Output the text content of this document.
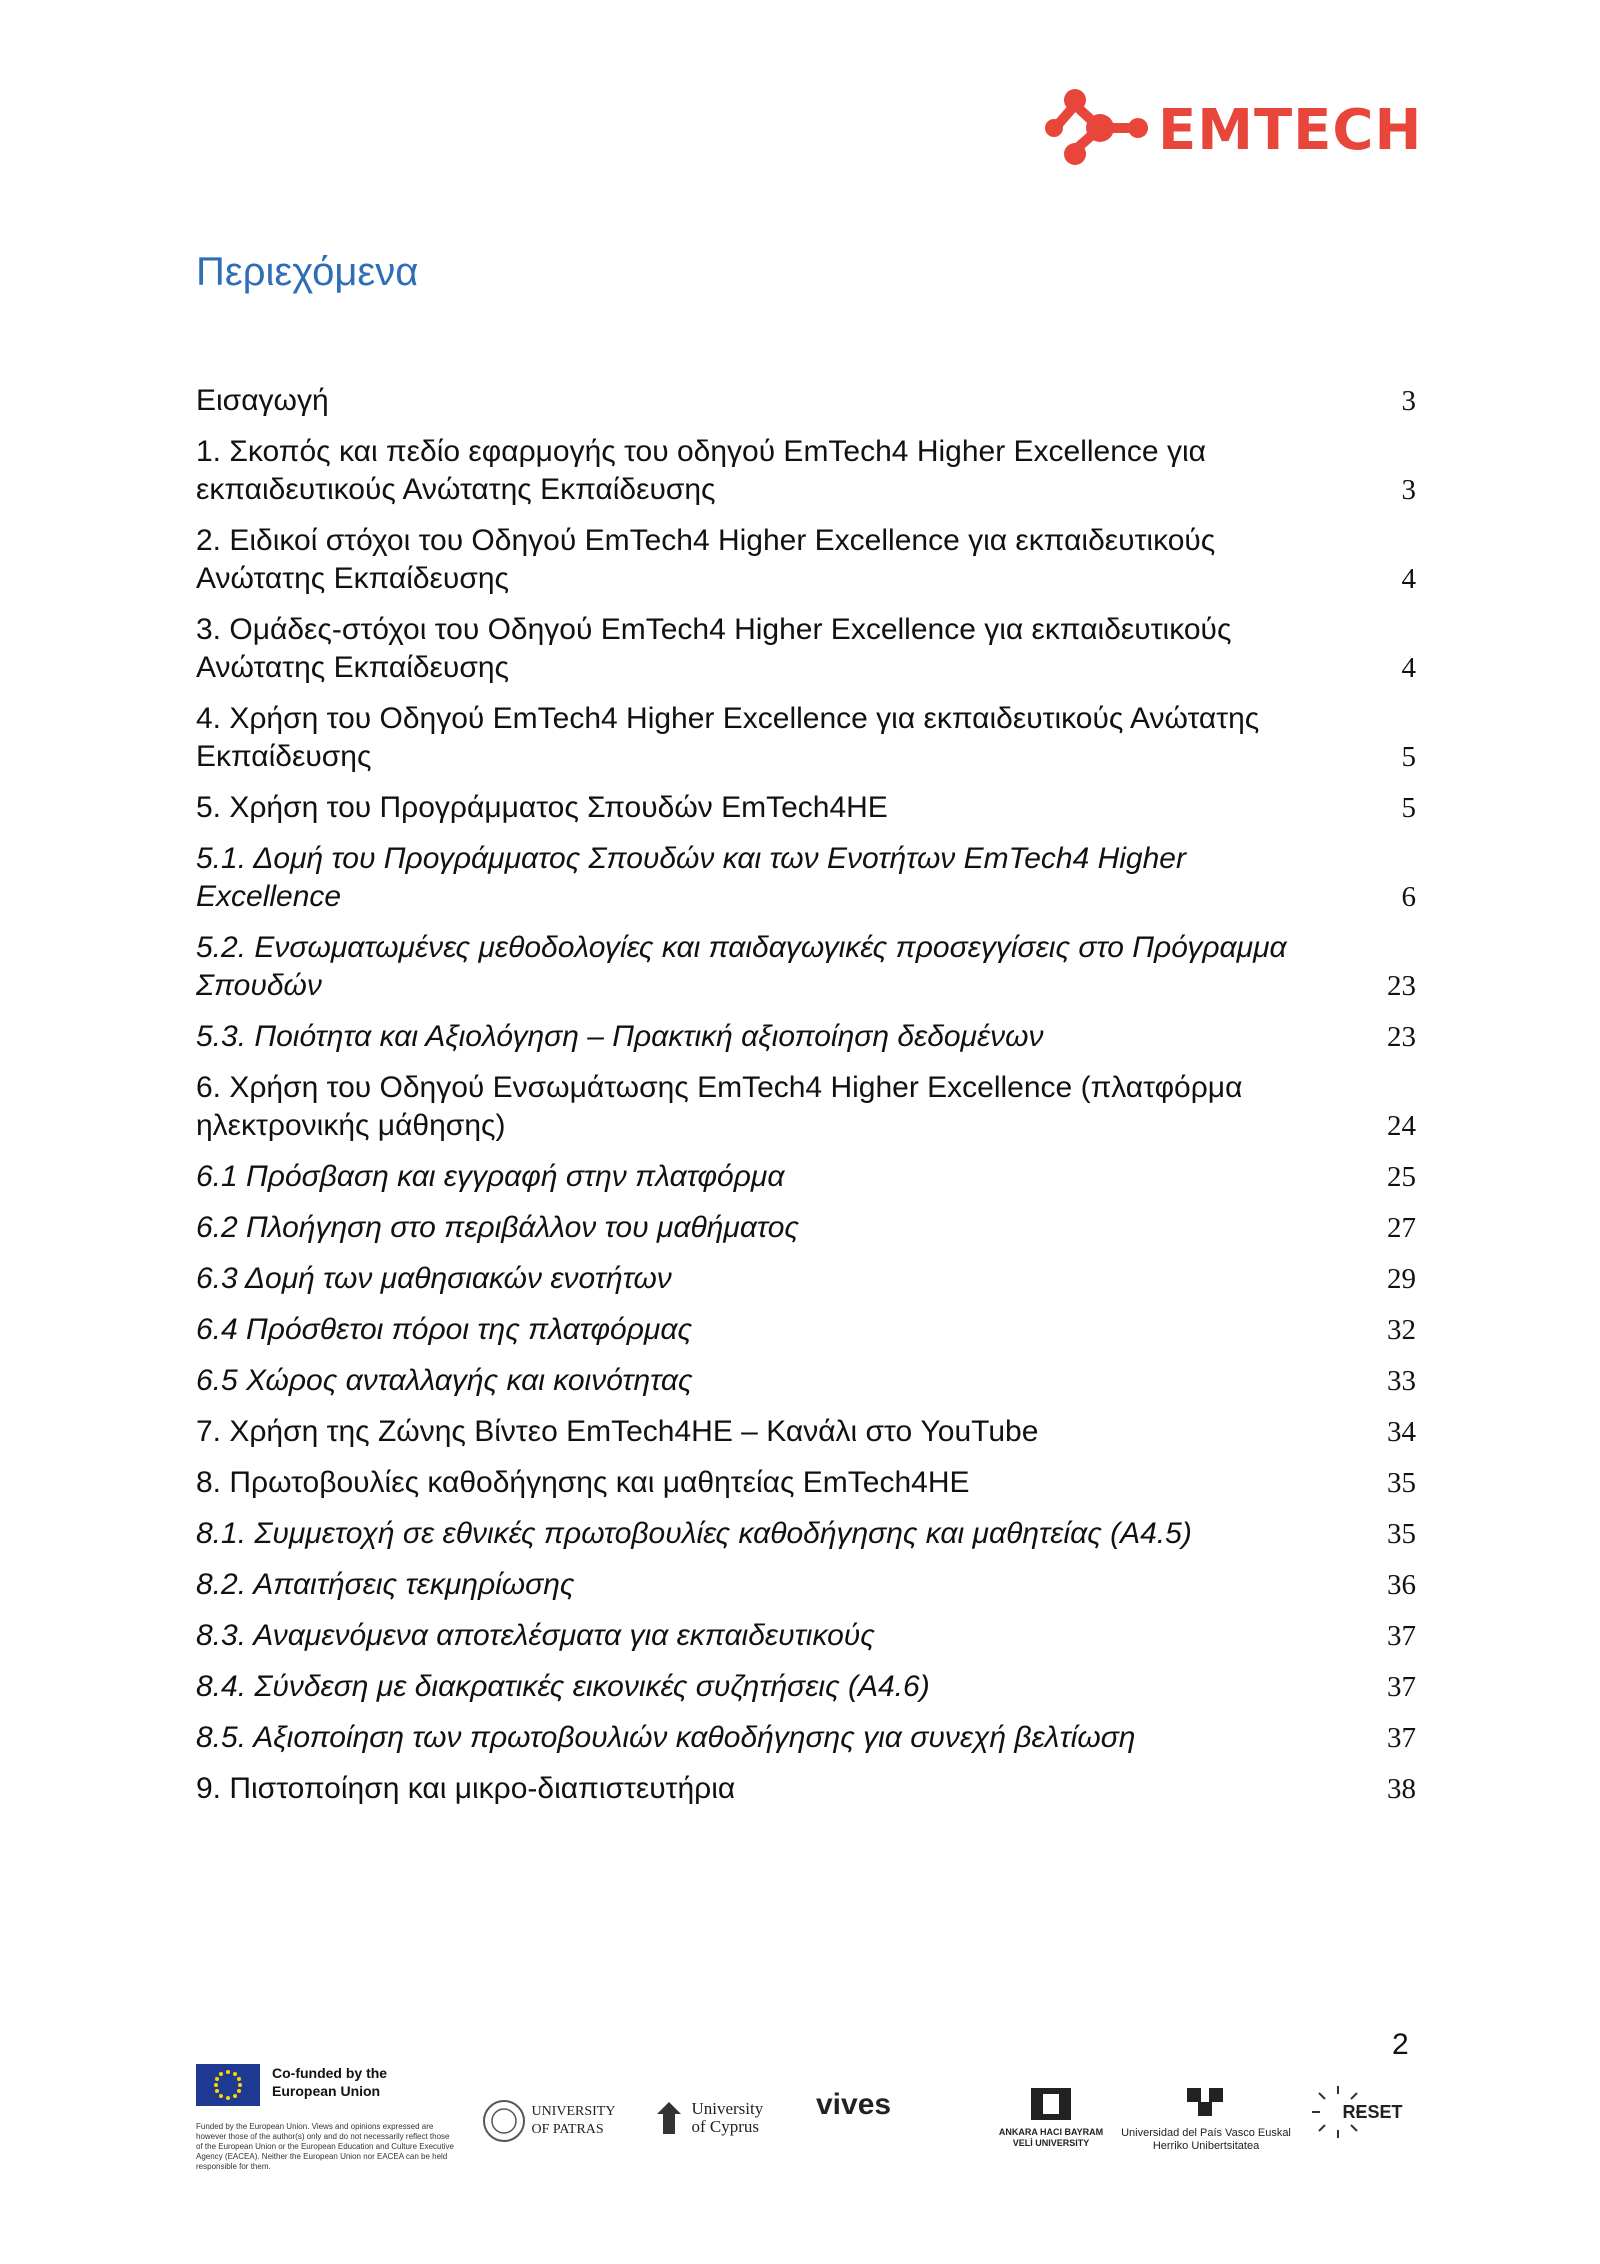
EMTECH
Περιεχόμενα
Εισαγωγή	3
1. Σκοπός και πεδίο εφαρμογής του οδηγού EmTech4 Higher Excellence για εκπαιδευτικούς Ανώτατης Εκπαίδευσης	3
2. Ειδικοί στόχοι του Οδηγού EmTech4 Higher Excellence για εκπαιδευτικούς Ανώτατης Εκπαίδευσης	4
3. Ομάδες-στόχοι του Οδηγού EmTech4 Higher Excellence για εκπαιδευτικούς Ανώτατης Εκπαίδευσης	4
4. Χρήση του Οδηγού EmTech4 Higher Excellence για εκπαιδευτικούς Ανώτατης Εκπαίδευσης	5
5. Χρήση του Προγράμματος Σπουδών EmTech4HE	5
5.1. Δομή του Προγράμματος Σπουδών και των Ενοτήτων EmTech4 Higher Excellence	6
5.2. Ενσωματωμένες μεθοδολογίες και παιδαγωγικές προσεγγίσεις στο Πρόγραμμα Σπουδών	23
5.3. Ποιότητα και Αξιολόγηση – Πρακτική αξιοποίηση δεδομένων	23
6. Χρήση του Οδηγού Ενσωμάτωσης EmTech4 Higher Excellence (πλατφόρμα ηλεκτρονικής μάθησης)	24
6.1 Πρόσβαση και εγγραφή στην πλατφόρμα	25
6.2 Πλοήγηση στο περιβάλλον του μαθήματος	27
6.3 Δομή των μαθησιακών ενοτήτων	29
6.4 Πρόσθετοι πόροι της πλατφόρμας	32
6.5 Χώρος ανταλλαγής και κοινότητας	33
7. Χρήση της Ζώνης Βίντεο EmTech4HE – Κανάλι στο YouTube	34
8. Πρωτοβουλίες καθοδήγησης και μαθητείας EmTech4HE	35
8.1. Συμμετοχή σε εθνικές πρωτοβουλίες καθοδήγησης και μαθητείας (A4.5)	35
8.2. Απαιτήσεις τεκμηρίωσης	36
8.3. Αναμενόμενα αποτελέσματα για εκπαιδευτικούς	37
8.4. Σύνδεση με διακρατικές εικονικές συζητήσεις (A4.6)	37
8.5. Αξιοποίηση των πρωτοβουλιών καθοδήγησης για συνεχή βελτίωση	37
9. Πιστοποίηση και μικρο-διαπιστευτήρια	38
2
Co-funded by the European Union
Funded by the European Union. Views and opinions expressed are however those of the author(s) only and do not necessarily reflect those of the European Union or the European Education and Culture Executive Agency (EACEA). Neither the European Union nor EACEA can be held responsible for them.
UNIVERSITY OF PATRAS
University of Cyprus
vives
ANKARA HACI BAYRAM VELİ UNIVERSITY
Universidad del País Vasco Euskal Herriko Unibertsitatea
RESET
